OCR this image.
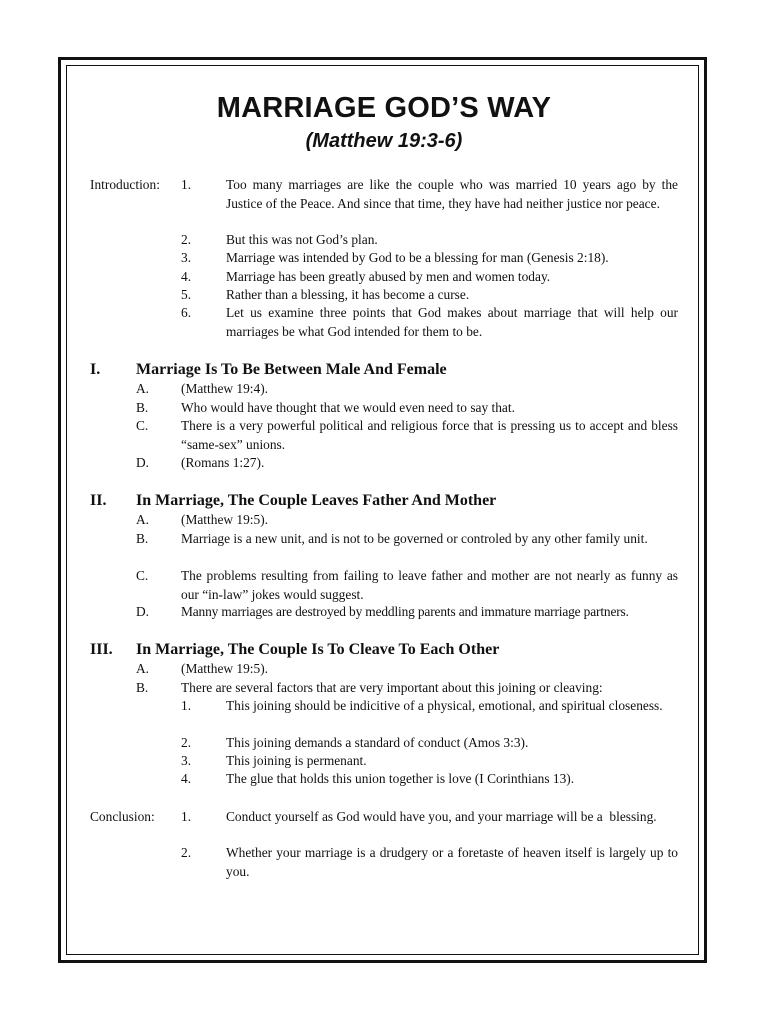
MARRIAGE GOD’S WAY
(Matthew 19:3-6)
Introduction: 1.	Too many marriages are like the couple who was married 10 years ago by the Justice of the Peace. And since that time, they have had neither justice nor peace.
2.	But this was not God’s plan.
3.	Marriage was intended by God to be a blessing for man (Genesis 2:18).
4.	Marriage has been greatly abused by men and women today.
5.	Rather than a blessing, it has become a curse.
6.	Let us examine three points that God makes about marriage that will help our marriages be what God intended for them to be.
I. Marriage Is To Be Between Male And Female
A. (Matthew 19:4).
B. Who would have thought that we would even need to say that.
C. There is a very powerful political and religious force that is pressing us to accept and bless “same-sex” unions.
D. (Romans 1:27).
II. In Marriage, The Couple Leaves Father And Mother
A. (Matthew 19:5).
B. Marriage is a new unit, and is not to be governed or controled by any other family unit.
C. The problems resulting from failing to leave father and mother are not nearly as funny as our “in-law” jokes would suggest.
D. Manny marriages are destroyed by meddling parents and immature marriage partners.
III. In Marriage, The Couple Is To Cleave To Each Other
A. (Matthew 19:5).
B. There are several factors that are very important about this joining or cleaving:
1.	This joining should be indicitive of a physical, emotional, and spiritual closeness.
2.	This joining demands a standard of conduct (Amos 3:3).
3.	This joining is permenant.
4.	The glue that holds this union together is love (I Corinthians 13).
Conclusion: 1.	Conduct yourself as God would have you, and your marriage will be a  blessing.
2.	Whether your marriage is a drudgery or a foretaste of heaven itself is largely up to you.
